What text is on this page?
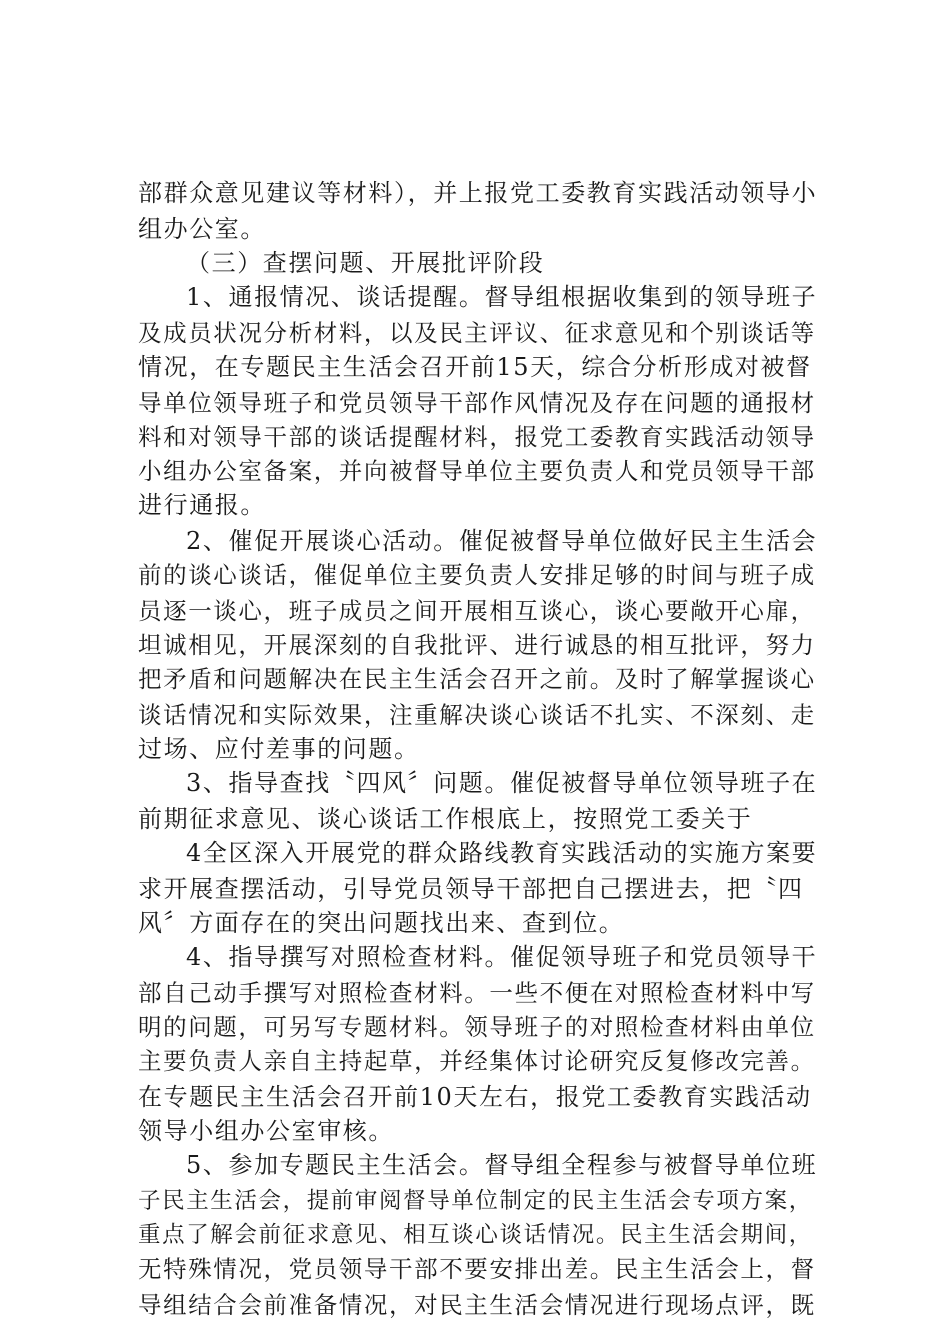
部群众意见建议等材料），并上报党工委教育实践活动领导小
组办公室。
（三）查摆问题、开展批评阶段
1、通报情况、谈话提醒。督导组根据收集到的领导班子
及成员状况分析材料，以及民主评议、征求意见和个别谈话等
情况，在专题民主生活会召开前15天，综合分析形成对被督
导单位领导班子和党员领导干部作风情况及存在问题的通报材
料和对领导干部的谈话提醒材料，报党工委教育实践活动领导
小组办公室备案，并向被督导单位主要负责人和党员领导干部
进行通报。
2、催促开展谈心活动。催促被督导单位做好民主生活会
前的谈心谈话，催促单位主要负责人安排足够的时间与班子成
员逐一谈心，班子成员之间开展相互谈心，谈心要敞开心扉，
坦诚相见，开展深刻的自我批评、进行诚恳的相互批评，努力
把矛盾和问题解决在民主生活会召开之前。及时了解掌握谈心
谈话情况和实际效果，注重解决谈心谈话不扎实、不深刻、走
过场、应付差事的问题。
3、指导查找〝四风〞问题。催促被督导单位领导班子在
前期征求意见、谈心谈话工作根底上，按照党工委关于
4全区深入开展党的群众路线教育实践活动的实施方案要
求开展查摆活动，引导党员领导干部把自己摆进去，把〝四
风〞方面存在的突出问题找出来、查到位。
4、指导撰写对照检查材料。催促领导班子和党员领导干
部自己动手撰写对照检查材料。一些不便在对照检查材料中写
明的问题，可另写专题材料。领导班子的对照检查材料由单位
主要负责人亲自主持起草，并经集体讨论研究反复修改完善。
在专题民主生活会召开前10天左右，报党工委教育实践活动
领导小组办公室审核。
5、参加专题民主生活会。督导组全程参与被督导单位班
子民主生活会，提前审阅督导单位制定的民主生活会专项方案，
重点了解会前征求意见、相互谈心谈话情况。民主生活会期间，
无特殊情况，党员领导干部不要安排出差。民主生活会上，督
导组结合会前准备情况，对民主生活会情况进行现场点评，既
